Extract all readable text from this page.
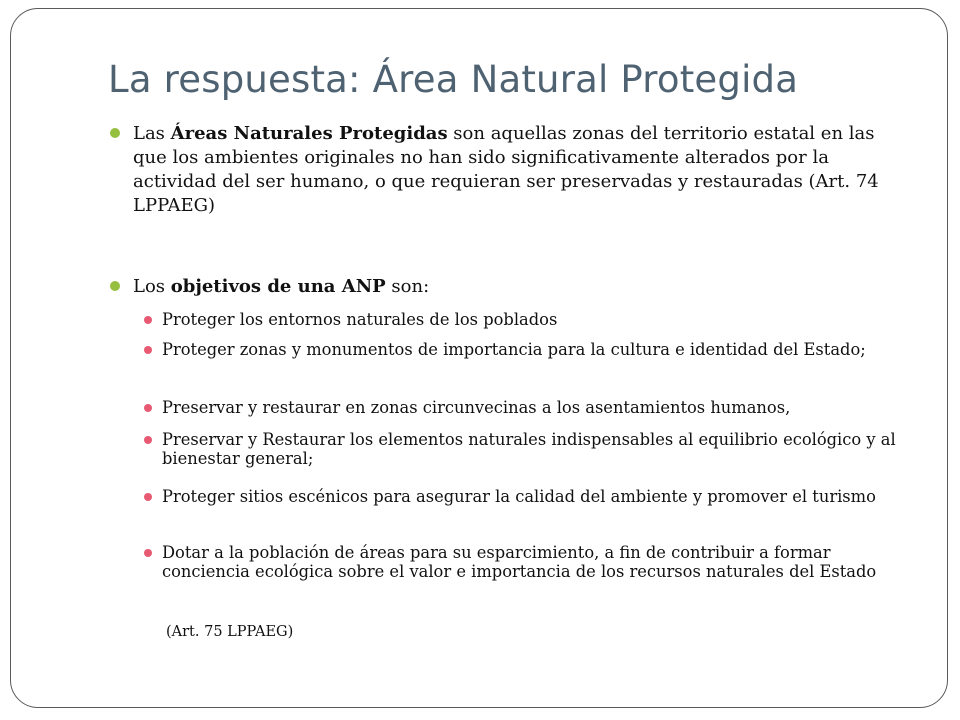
La respuesta: Área Natural Protegida
Las Áreas Naturales Protegidas son aquellas zonas del territorio estatal en las que los ambientes originales no han sido significativamente alterados por la actividad del ser humano, o que requieran ser preservadas y restauradas (Art. 74 LPPAEG)
Los objetivos de una ANP son:
Proteger los entornos naturales de los poblados
Proteger zonas y monumentos de importancia para la cultura e identidad del Estado;
Preservar y restaurar en zonas circunvecinas a los asentamientos humanos,
Preservar y Restaurar los elementos naturales indispensables al equilibrio ecológico y al bienestar general;
Proteger sitios escénicos para asegurar la calidad del ambiente y promover el turismo
Dotar a la población de áreas para su esparcimiento, a fin de contribuir a formar conciencia ecológica sobre el valor e importancia de los recursos naturales del Estado
(Art. 75 LPPAEG)
